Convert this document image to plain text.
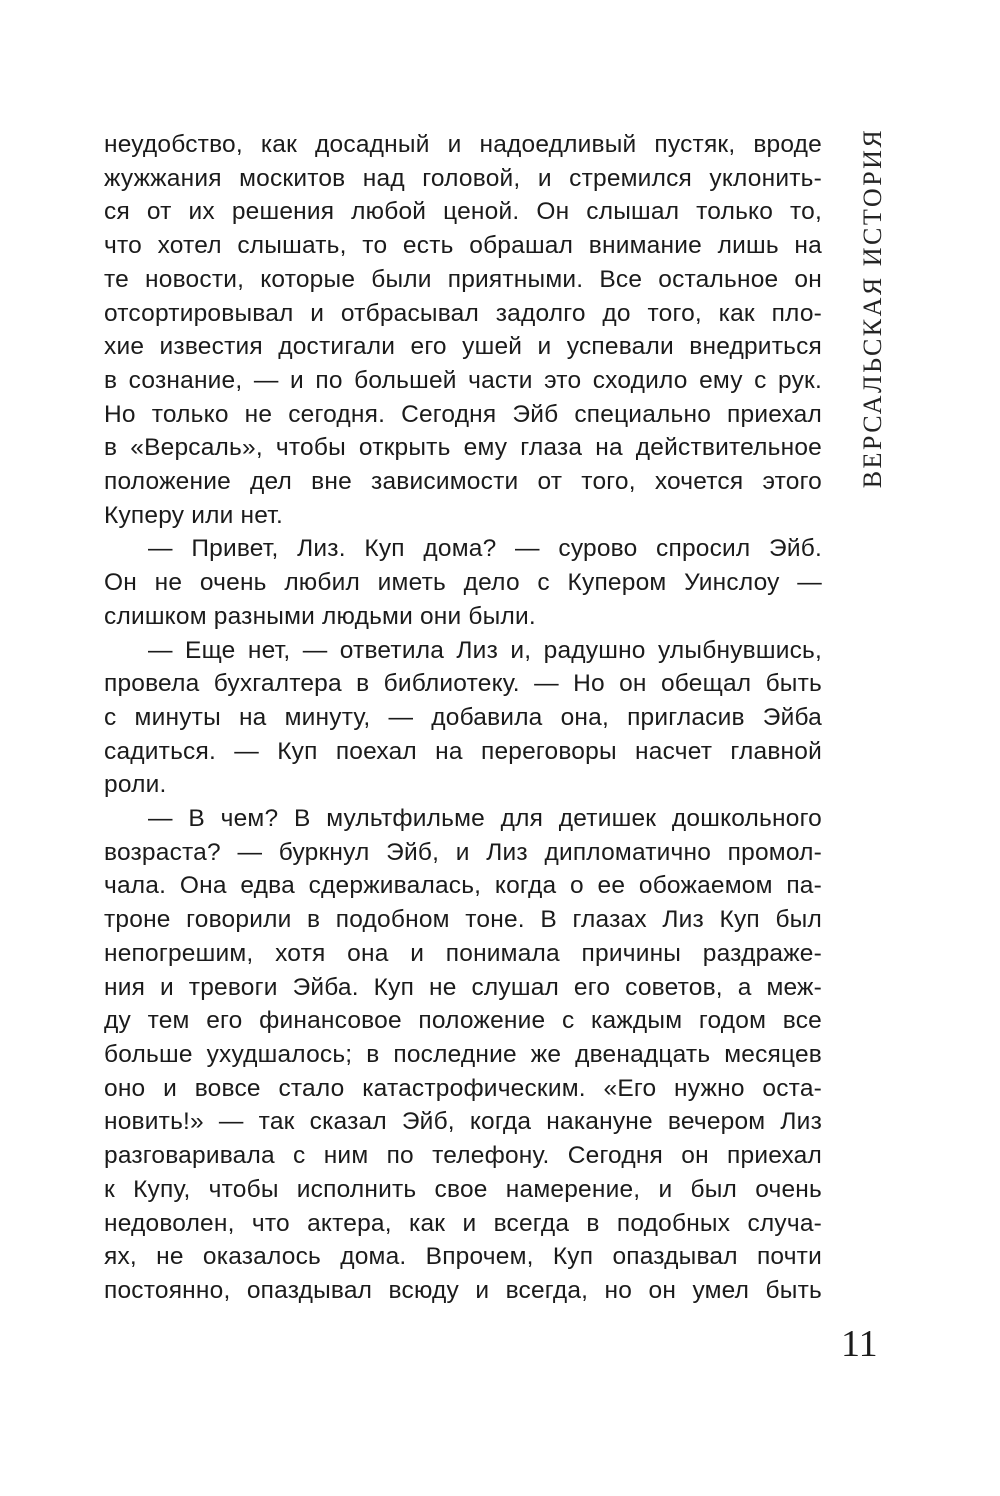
ВЕРСАЛЬСКАЯ ИСТОРИЯ
неудобство, как досадный и надоедливый пустяк, вроде
жужжания москитов над головой, и стремился уклонить-
ся от их решения любой ценой. Он слышал только то,
что хотел слышать, то есть обрашал внимание лишь на
те новости, которые были приятными. Все остальное он
отсортировывал и отбрасывал задолго до того, как пло-
хие известия достигали его ушей и успевали внедриться
в сознание, — и по большей части это сходило ему с рук.
Но только не сегодня. Сегодня Эйб специально приехал
в «Версаль», чтобы открыть ему глаза на действительное
положение дел вне зависимости от того, хочется этого
Куперу или нет.
— Привет, Лиз. Куп дома? — сурово спросил Эйб.
Он не очень любил иметь дело с Купером Уинслоу —
слишком разными людьми они были.
— Еще нет, — ответила Лиз и, радушно улыбнувшись,
провела бухгалтера в библиотеку. — Но он обещал быть
с минуты на минуту, — добавила она, пригласив Эйба
садиться. — Куп поехал на переговоры насчет главной
роли.
— В чем? В мультфильме для детишек дошкольного
возраста? — буркнул Эйб, и Лиз дипломатично промол-
чала. Она едва сдерживалась, когда о ее обожаемом па-
троне говорили в подобном тоне. В глазах Лиз Куп был
непогрешим, хотя она и понимала причины раздраже-
ния и тревоги Эйба. Куп не слушал его советов, а меж-
ду тем его финансовое положение с каждым годом все
больше ухудшалось; в последние же двенадцать месяцев
оно и вовсе стало катастрофическим. «Его нужно оста-
новить!» — так сказал Эйб, когда накануне вечером Лиз
разговаривала с ним по телефону. Сегодня он приехал
к Купу, чтобы исполнить свое намерение, и был очень
недоволен, что актера, как и всегда в подобных случа-
ях, не оказалось дома. Впрочем, Куп опаздывал почти
постоянно, опаздывал всюду и всегда, но он умел быть
11
